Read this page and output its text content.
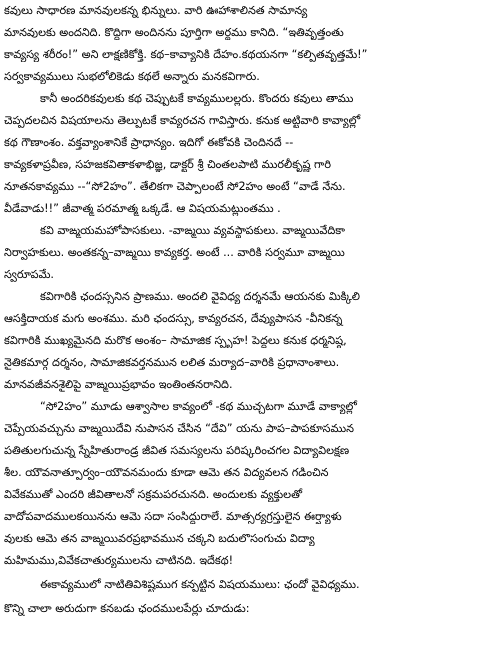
కవులు సాధారణ మానవులకన్న భిన్నులు. వారి ఊహాశాలినత సామాన్య
మానవులకు అందనిది. కొద్దిగా అందినను పూర్తిగా అర్థము కానిది. “ఇతివృత్తంతు
కావ్యస్య శరీరం!” అని లాక్షణికోక్తి. కథ–కావ్యానికి దేహం.కథయనగా “కల్పితవృత్తమే!”
సర్వకావ్యములు సుభలోలికెడు కథలే అన్నారు మనకవిగారు.
కానీ అందరికవులకు కథ చెప్పుటకే కావ్యములల్లరు. కొందరు కవులు తాము
చెప్పదలచిన విషయాలను తెల్పుటకే కావ్యరచన గావిస్తారు. కనుక అట్టివారి కావ్యాల్లో
కథ గౌణాంశం. వక్తవ్యాంశానికే ప్రాధాన్యం. ఇదిగో ఈకోవకి చెందినదే --
కావ్యకళాప్రవీణ, సహజకవితాకళాభిజ్ఞ, డాక్టర్ శ్రీ చింతలపాటి మురలీకృష్ణ గారి
నూతనకావ్యము --“సో2హం”. తేలికగా చెప్పాలంటే సో2హం అంటే “వాడే నేను.
వీడేవాడు!!” జీవాత్మ పరమాత్మ ఒక్కడే. ఆ విషయమట్లుంతము .
కవి వాఙ్మయమహోపాసకులు. -వాఙ్మయి వ్యవస్థాపకులు. వాఙ్మయివేదికా
నిర్వాహకులు. అంతకన్న–వాఙ్మయి కావ్యకర్త. అంటే ... వారికి సర్వమూ వాఙ్మయి
స్వరూపమే.
కవిగారికి ఛందస్సనిన ప్రాణము. అందలి వైవిధ్య దర్శనమే ఆయనకు మిక్కిలి
ఆసక్తిదాయక మగు అంశము. మరి ఛందస్సు, కావ్యరచన, దేవ్యుపాసన -వీనికన్న
కవిగారికి ముఖ్యమైనది మరొక అంశం– సామాజిక స్పృహ! పెద్దలు కనుక ధర్మనిష్ఠ,
నైతికమార్గ దర్శనం, సామాజికవర్తనమున లలిత మర్యాద–వారికి ప్రధానాంశాలు.
మానవజీవనశైలిపై వాఙ్మయిప్రభావం ఇంతింతనరానిది.
“సో2హం” మూడు ఆశ్వాసాల కావ్యంలో -కథ ముచ్చటగా మూడే వాక్యాల్లో
చెప్పేయవచ్చును వాఙ్మయిదేవి నుపాసన చేసిన “దేవి” యను పాప–పాపకూసమున
పతితులగుచున్న స్నేహితురాండ్ర జీవిత సమస్యలను పరిష్కరించగల విద్యావిలక్షణ
శీల. యౌవనాత్పూర్వం–యౌవనమందు కూడా ఆమె తన విద్యవలన గడించిన
వివేకముతో ఎందరి జీవితాలనో సక్రమపరచునది. అందులకు వ్యక్తులతో
వాదోపవాదములకయినను ఆమె సదా సంసిద్ధురాలే. మాత్సర్యగ్రస్తులైన ఈర్ష్యాళు
వులకు ఆమె తన వాఙ్మయివరప్రభావమున చక్కని బదులొసంగుచు విద్యా
మహిమము,వివేకచాతుర్యములను చాటినది. ఇదేకథ!
ఈకావ్యములో నాటితివిశిష్టముగ కన్పట్టిన విషయములు: ఛందో వైవిధ్యము.
కొన్ని చాలా అరుదుగా కనబడు ఛందములపేర్లు చూదుడు:
